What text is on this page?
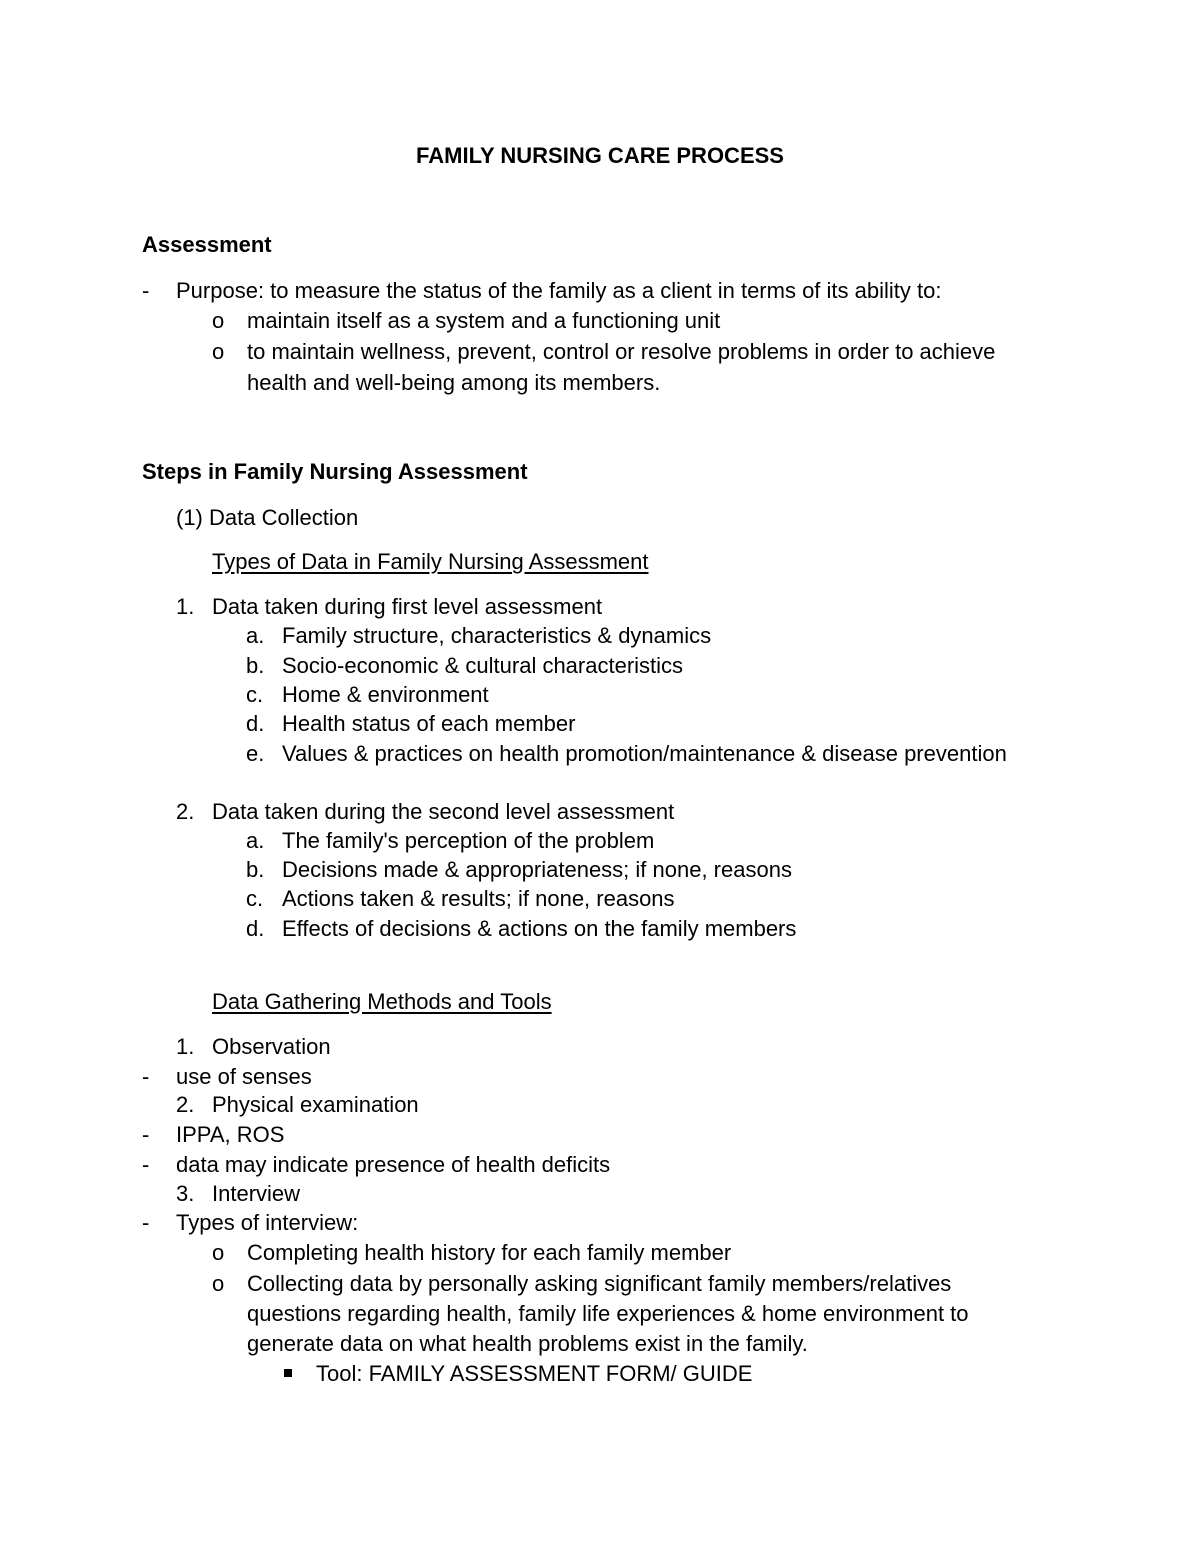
FAMILY NURSING CARE PROCESS
Assessment
- Purpose: to measure the status of the family as a client in terms of its ability to:
o maintain itself as a system and a functioning unit
o to maintain wellness, prevent, control or resolve problems in order to achieve
health and well-being among its members.
Steps in Family Nursing Assessment
(1) Data Collection
Types of Data in Family Nursing Assessment
1. Data taken during first level assessment
a. Family structure, characteristics & dynamics
b. Socio-economic & cultural characteristics
c. Home & environment
d. Health status of each member
e. Values & practices on health promotion/maintenance & disease prevention
2. Data taken during the second level assessment
a. The family's perception of the problem
b. Decisions made & appropriateness; if none, reasons
c. Actions taken & results; if none, reasons
d. Effects of decisions & actions on the family members
Data Gathering Methods and Tools
1. Observation
- use of senses
2. Physical examination
- IPPA, ROS
- data may indicate presence of health deficits
3. Interview
- Types of interview:
o Completing health history for each family member
o Collecting data by personally asking significant family members/relatives
questions regarding health, family life experiences & home environment to
generate data on what health problems exist in the family.
Tool: FAMILY ASSESSMENT FORM/ GUIDE
